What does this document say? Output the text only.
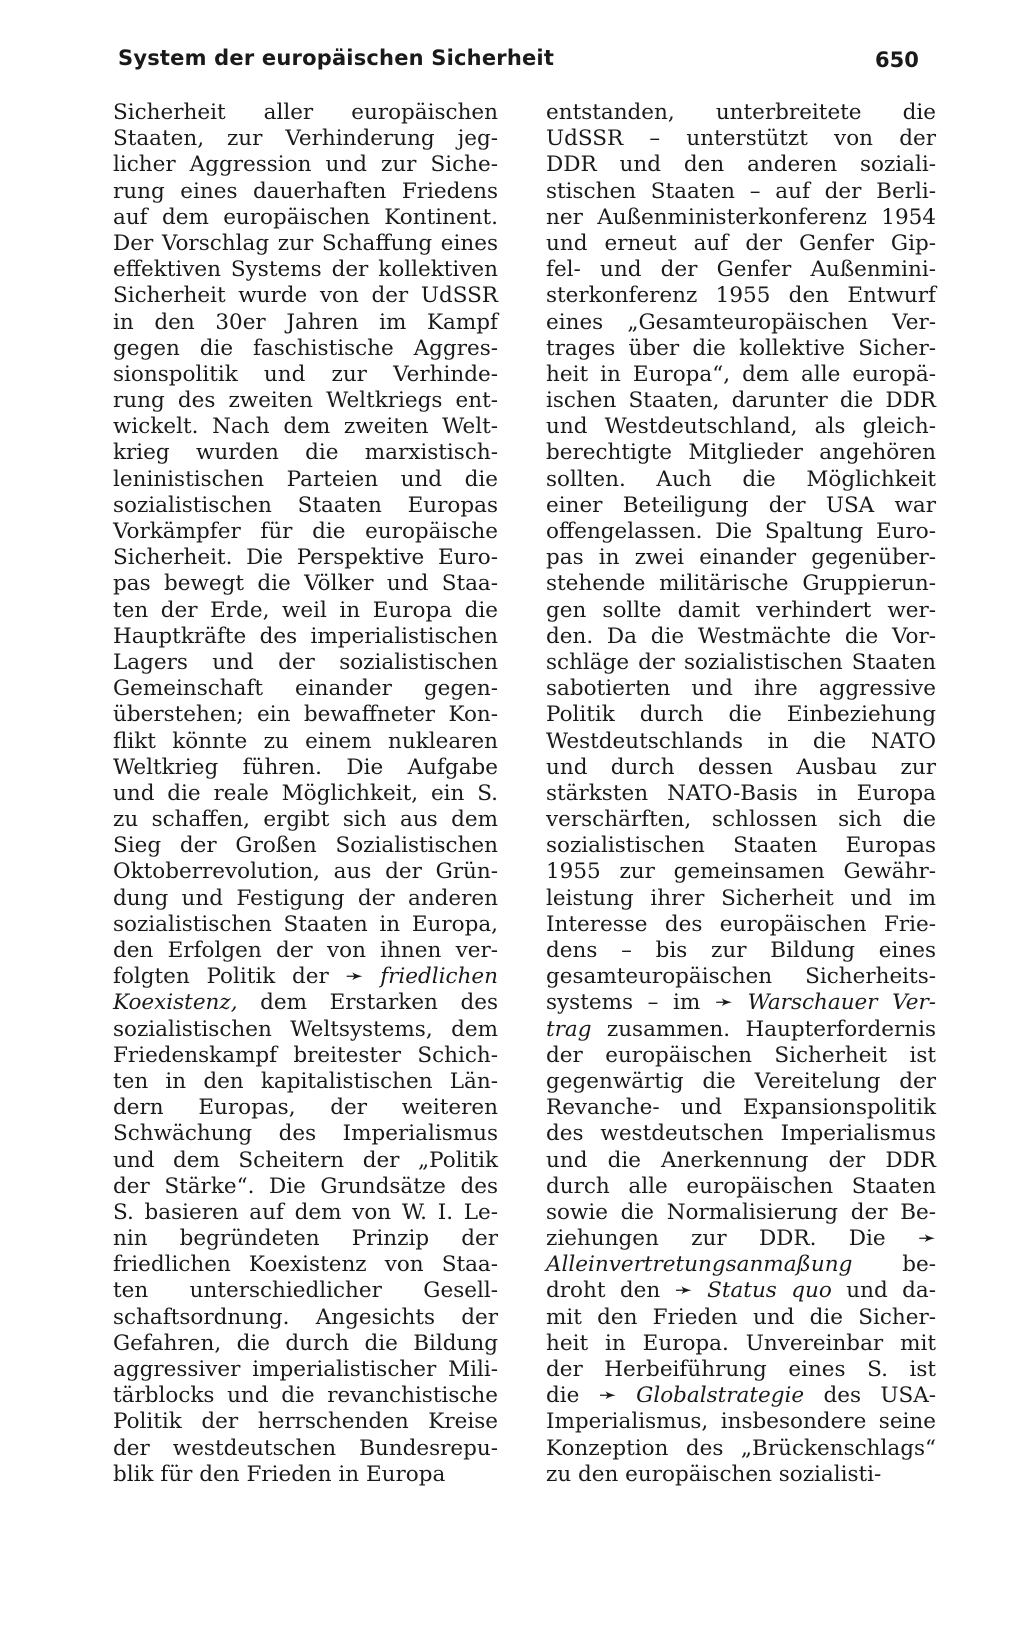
System der europäischen Sicherheit	650
Sicherheit aller europäischen
Staaten, zur Verhinderung jeg-
licher Aggression und zur Siche-
rung eines dauerhaften Friedens
auf dem europäischen Kontinent.
Der Vorschlag zur Schaffung eines
effektiven Systems der kollektiven
Sicherheit wurde von der UdSSR
in den 30er Jahren im Kampf
gegen die faschistische Aggres-
sionspolitik und zur Verhinde-
rung des zweiten Weltkriegs ent-
wickelt. Nach dem zweiten Welt-
krieg wurden die marxistisch-
leninistischen Parteien und die
sozialistischen Staaten Europas
Vorkämpfer für die europäische
Sicherheit. Die Perspektive Euro-
pas bewegt die Völker und Staa-
ten der Erde, weil in Europa die
Hauptkräfte des imperialistischen
Lagers und der sozialistischen
Gemeinschaft einander gegen-
überstehen; ein bewaffneter Kon-
flikt könnte zu einem nuklearen
Weltkrieg führen. Die Aufgabe
und die reale Möglichkeit, ein S.
zu schaffen, ergibt sich aus dem
Sieg der Großen Sozialistischen
Oktoberrevolution, aus der Grün-
dung und Festigung der anderen
sozialistischen Staaten in Europa,
den Erfolgen der von ihnen ver-
folgten Politik der ➛ friedlichen
Koexistenz, dem Erstarken des
sozialistischen Weltsystems, dem
Friedenskampf breitester Schich-
ten in den kapitalistischen Län-
dern Europas, der weiteren
Schwächung des Imperialismus
und dem Scheitern der „Politik
der Stärke“. Die Grundsätze des
S. basieren auf dem von W. I. Le-
nin begründeten Prinzip der
friedlichen Koexistenz von Staa-
ten unterschiedlicher Gesell-
schaftsordnung. Angesichts der
Gefahren, die durch die Bildung
aggressiver imperialistischer Mili-
tärblocks und die revanchistische
Politik der herrschenden Kreise
der westdeutschen Bundesrepu-
blik für den Frieden in Europa
entstanden, unterbreitete die
UdSSR – unterstützt von der
DDR und den anderen soziali-
stischen Staaten – auf der Berli-
ner Außenministerkonferenz 1954
und erneut auf der Genfer Gip-
fel- und der Genfer Außenmini-
sterkonferenz 1955 den Entwurf
eines „Gesamteuropäischen Ver-
trages über die kollektive Sicher-
heit in Europa“, dem alle europä-
ischen Staaten, darunter die DDR
und Westdeutschland, als gleich-
berechtigte Mitglieder angehören
sollten. Auch die Möglichkeit
einer Beteiligung der USA war
offengelassen. Die Spaltung Euro-
pas in zwei einander gegenüber-
stehende militärische Gruppierun-
gen sollte damit verhindert wer-
den. Da die Westmächte die Vor-
schläge der sozialistischen Staaten
sabotierten und ihre aggressive
Politik durch die Einbeziehung
Westdeutschlands in die NATO
und durch dessen Ausbau zur
stärksten NATO-Basis in Europa
verschärften, schlossen sich die
sozialistischen Staaten Europas
1955 zur gemeinsamen Gewähr-
leistung ihrer Sicherheit und im
Interesse des europäischen Frie-
dens – bis zur Bildung eines
gesamteuropäischen Sicherheits-
systems – im ➛ Warschauer Ver-
trag zusammen. Haupterfordernis
der europäischen Sicherheit ist
gegenwärtig die Vereitelung der
Revanche- und Expansionspolitik
des westdeutschen Imperialismus
und die Anerkennung der DDR
durch alle europäischen Staaten
sowie die Normalisierung der Be-
ziehungen zur DDR. Die ➛
Alleinvertretungsanmaßung be-
droht den ➛ Status quo und da-
mit den Frieden und die Sicher-
heit in Europa. Unvereinbar mit
der Herbeiführung eines S. ist
die ➛ Globalstrategie des USA-
Imperialismus, insbesondere seine
Konzeption des „Brückenschlags“
zu den europäischen sozialisti-
